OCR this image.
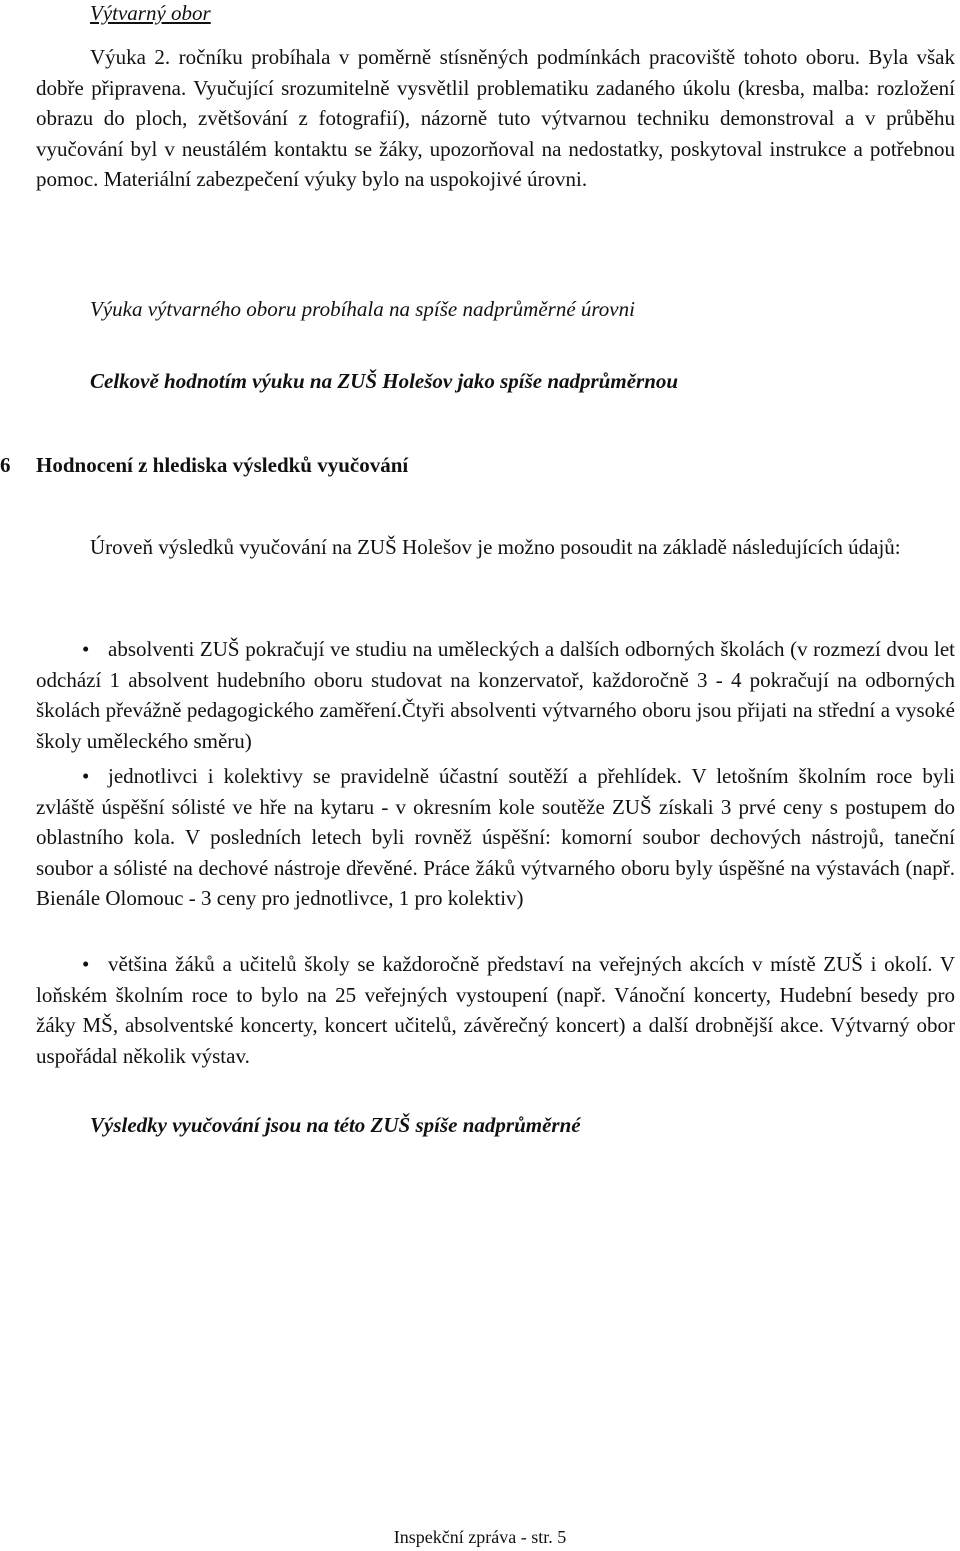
Výtvarný obor
Výuka 2. ročníku probíhala v poměrně stísněných podmínkách pracoviště tohoto oboru. Byla však dobře připravena. Vyučující srozumitelně vysvětlil problematiku zadaného úkolu (kresba, malba: rozložení obrazu do ploch, zvětšování z fotografií), názorně tuto výtvarnou techniku demonstroval a v průběhu vyučování byl v neustálém kontaktu se žáky, upozorňoval na nedostatky, poskytoval instrukce a potřebnou pomoc. Materiální zabezpečení výuky bylo na uspokojivé úrovni.
Výuka výtvarného oboru probíhala na spíše nadprůměrné úrovni
Celkově hodnotím výuku na ZUŠ Holešov jako spíše nadprůměrnou
6 Hodnocení z hlediska výsledků vyučování
Úroveň výsledků vyučování na ZUŠ Holešov je možno posoudit na základě následujících údajů:
• absolventi ZUŠ pokračují ve studiu na uměleckých a dalších odborných školách (v rozmezí dvou let odchází 1 absolvent hudebního oboru studovat na konzervatoř, každoročně 3 - 4 pokračují na odborných školách převážně pedagogického zaměření.Čtyři absolventi výtvarného oboru jsou přijati na střední a vysoké školy uměleckého směru)
• jednotlivci i kolektivy se pravidelně účastní soutěží a přehlídek. V letošním školním roce byli zvláště úspěšní sólisté ve hře na kytaru - v okresním kole soutěže ZUŠ získali 3 prvé ceny s postupem do oblastního kola. V posledních letech byli rovněž úspěšní: komorní soubor dechových nástrojů, taneční soubor a sólisté na dechové nástroje dřevěné. Práce žáků výtvarného oboru byly úspěšné na výstavách (např. Bienále Olomouc - 3 ceny pro jednotlivce, 1 pro kolektiv)
• většina žáků a učitelů školy se každoročně představí na veřejných akcích v místě ZUŠ i okolí. V loňském školním roce to bylo na 25 veřejných vystoupení (např. Vánoční koncerty, Hudební besedy pro žáky MŠ, absolventské koncerty, koncert učitelů, závěrečný koncert) a další drobnější akce. Výtvarný obor uspořádal několik výstav.
Výsledky vyučování jsou na této ZUŠ spíše nadprůměrné
Inspekční zpráva - str. 5
